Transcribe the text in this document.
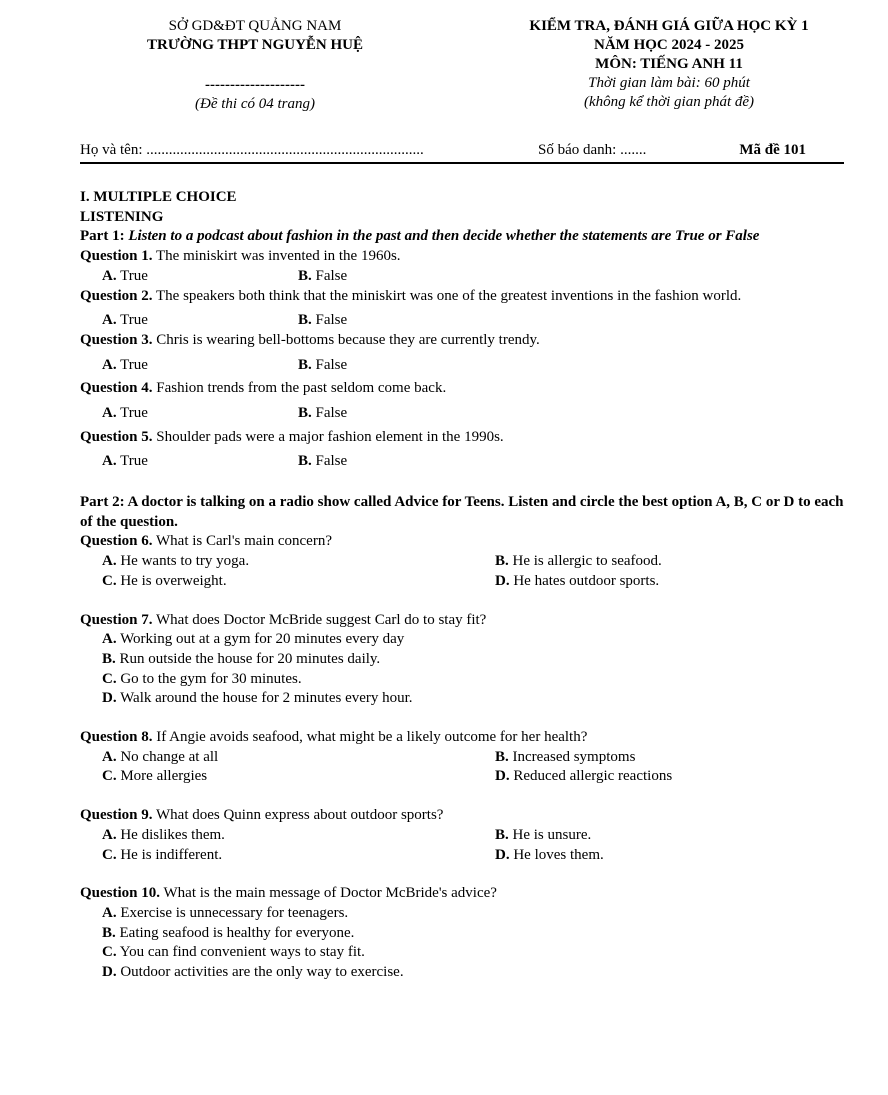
SỞ GD&ĐT QUẢNG NAM
TRƯỜNG THPT NGUYỄN HUỆ
--------------------
(Đề thi có 04 trang)
KIỂM TRA, ĐÁNH GIÁ GIỮA HỌC KỲ 1
NĂM HỌC 2024 - 2025
MÔN: TIẾNG ANH 11
Thời gian làm bài: 60 phút
(không kể thời gian phát đề)
Họ và tên: ..........................................................................	Số báo danh: .......	Mã đề 101

I. MULTIPLE CHOICE

LISTENING

Part 1: Listen to a podcast about fashion in the past and then decide whether the statements are True or False

Question 1. The miniskirt was invented in the 1960s.

A. True	B. False

Question 2. The speakers both think that the miniskirt was one of the greatest inventions in the fashion world.

A. True	B. False

Question 3. Chris is wearing bell-bottoms because they are currently trendy.

A. True	B. False

Question 4. Fashion trends from the past seldom come back.

A. True	B. False

Question 5. Shoulder pads were a major fashion element in the 1990s.

A. True	B. False

Part 2: A doctor is talking on a radio show called Advice for Teens. Listen and circle the best option A, B, C or D to each of the question.

Question 6. What is Carl's main concern?

A. He wants to try yoga.	B. He is allergic to seafood.
C. He is overweight.	D. He hates outdoor sports.

Question 7. What does Doctor McBride suggest Carl do to stay fit?

A. Working out at a gym for 20 minutes every day

B. Run outside the house for 20 minutes daily.

C. Go to the gym for 30 minutes.

D. Walk around the house for 2 minutes every hour.

Question 8. If Angie avoids seafood, what might be a likely outcome for her health?

A. No change at all	B. Increased symptoms
C. More allergies	D. Reduced allergic reactions

Question 9. What does Quinn express about outdoor sports?

A. He dislikes them.	B. He is unsure.
C. He is indifferent.	D. He loves them.

Question 10. What is the main message of Doctor McBride's advice?

A. Exercise is unnecessary for teenagers.

B. Eating seafood is healthy for everyone.

C. You can find convenient ways to stay fit.

D. Outdoor activities are the only way to exercise.
